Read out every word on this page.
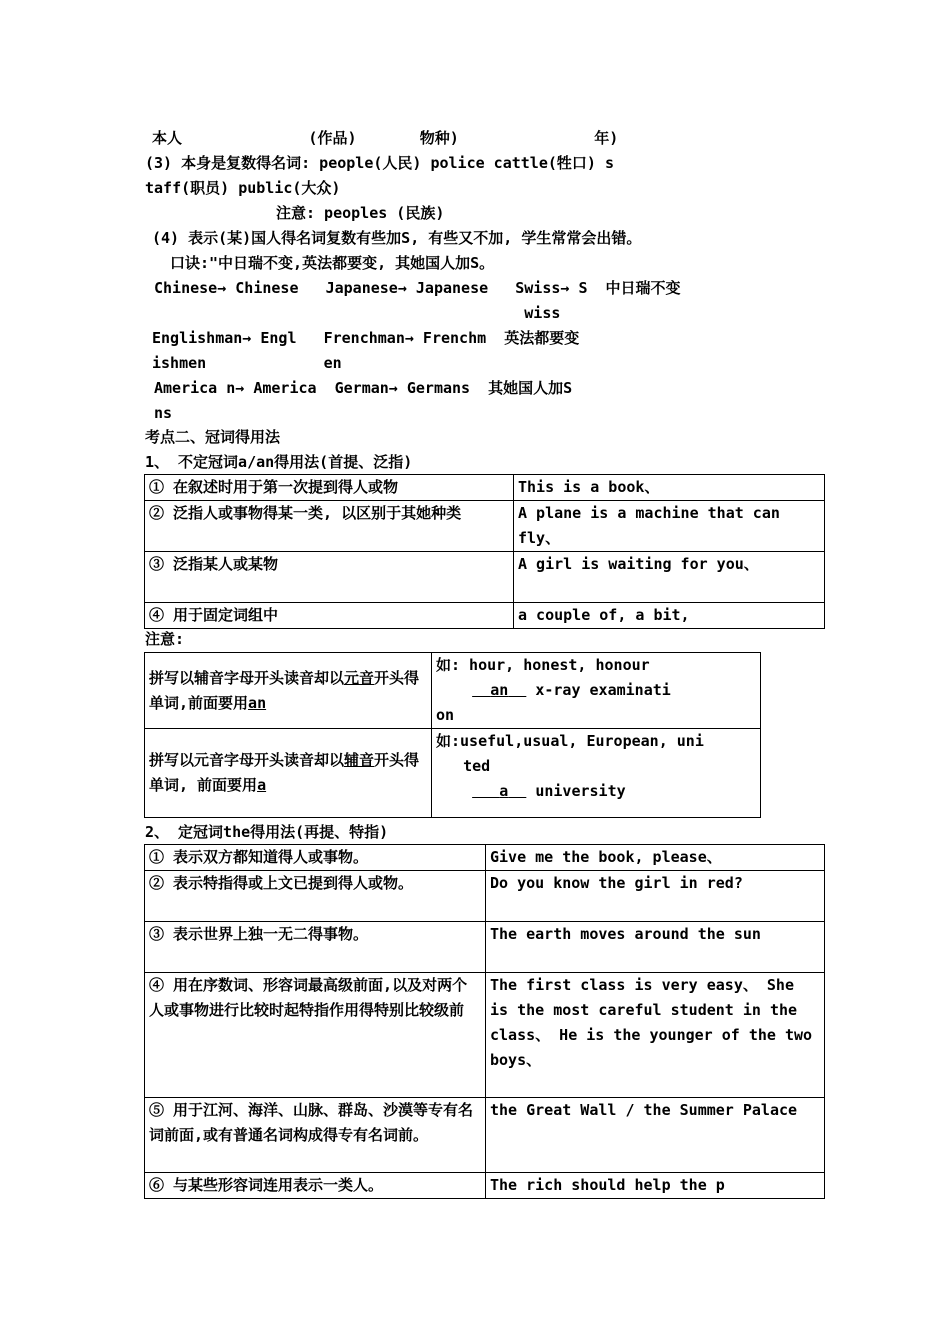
本人              (作品)       物种)               年)
(3) 本身是复数得名词: people(人民) police cattle(牲口) s
taff(职员) public(大众)
注意: peoples (民族)
(4) 表示(某)国人得名词复数有些加S, 有些又不加, 学生常常会出错。
口诀:"中日瑞不变,英法都要变, 其她国人加S。
Chinese→ Chinese   Japanese→ Japanese   Swiss→ S  中日瑞不变
wiss
Englishman→ Engl   Frenchman→ Frenchm  英法都要变
ishmen             en
America n→ America  German→ Germans  其她国人加S
ns
考点二、冠词得用法
1、 不定冠词a/an得用法(首提、泛指)
① 在叙述时用于第一次提到得人或物	This is a book、
② 泛指人或事物得某一类, 以区别于其她种类	A plane is a machine that can fly、
③ 泛指某人或某物	A girl is waiting for you、
④ 用于固定词组中	a couple of, a bit,
注意:
拼写以辅音字母开头读音却以元音开头得单词,前面要用an	如: hour, honest, honour
an   x-ray examinati
on

拼写以元音字母开头读音却以辅音开头得单词, 前面要用a	如:useful,usual, European, uni
ted
a   university
2、 定冠词the得用法(再提、特指)
① 表示双方都知道得人或事物。	Give me the book, please、
② 表示特指得或上文已提到得人或物。	Do you know the girl in red?
③ 表示世界上独一无二得事物。	The earth moves around the sun
④ 用在序数词、形容词最高级前面,以及对两个人或事物进行比较时起特指作用得特别比较级前	The first class is very easy、 She is the most careful student in the class、 He is the younger of the two boys、
⑤ 用于江河、海洋、山脉、群岛、沙漠等专有名词前面,或有普通名词构成得专有名词前。	the Great Wall / the Summer Palace
⑥ 与某些形容词连用表示一类人。	The rich should help the p
